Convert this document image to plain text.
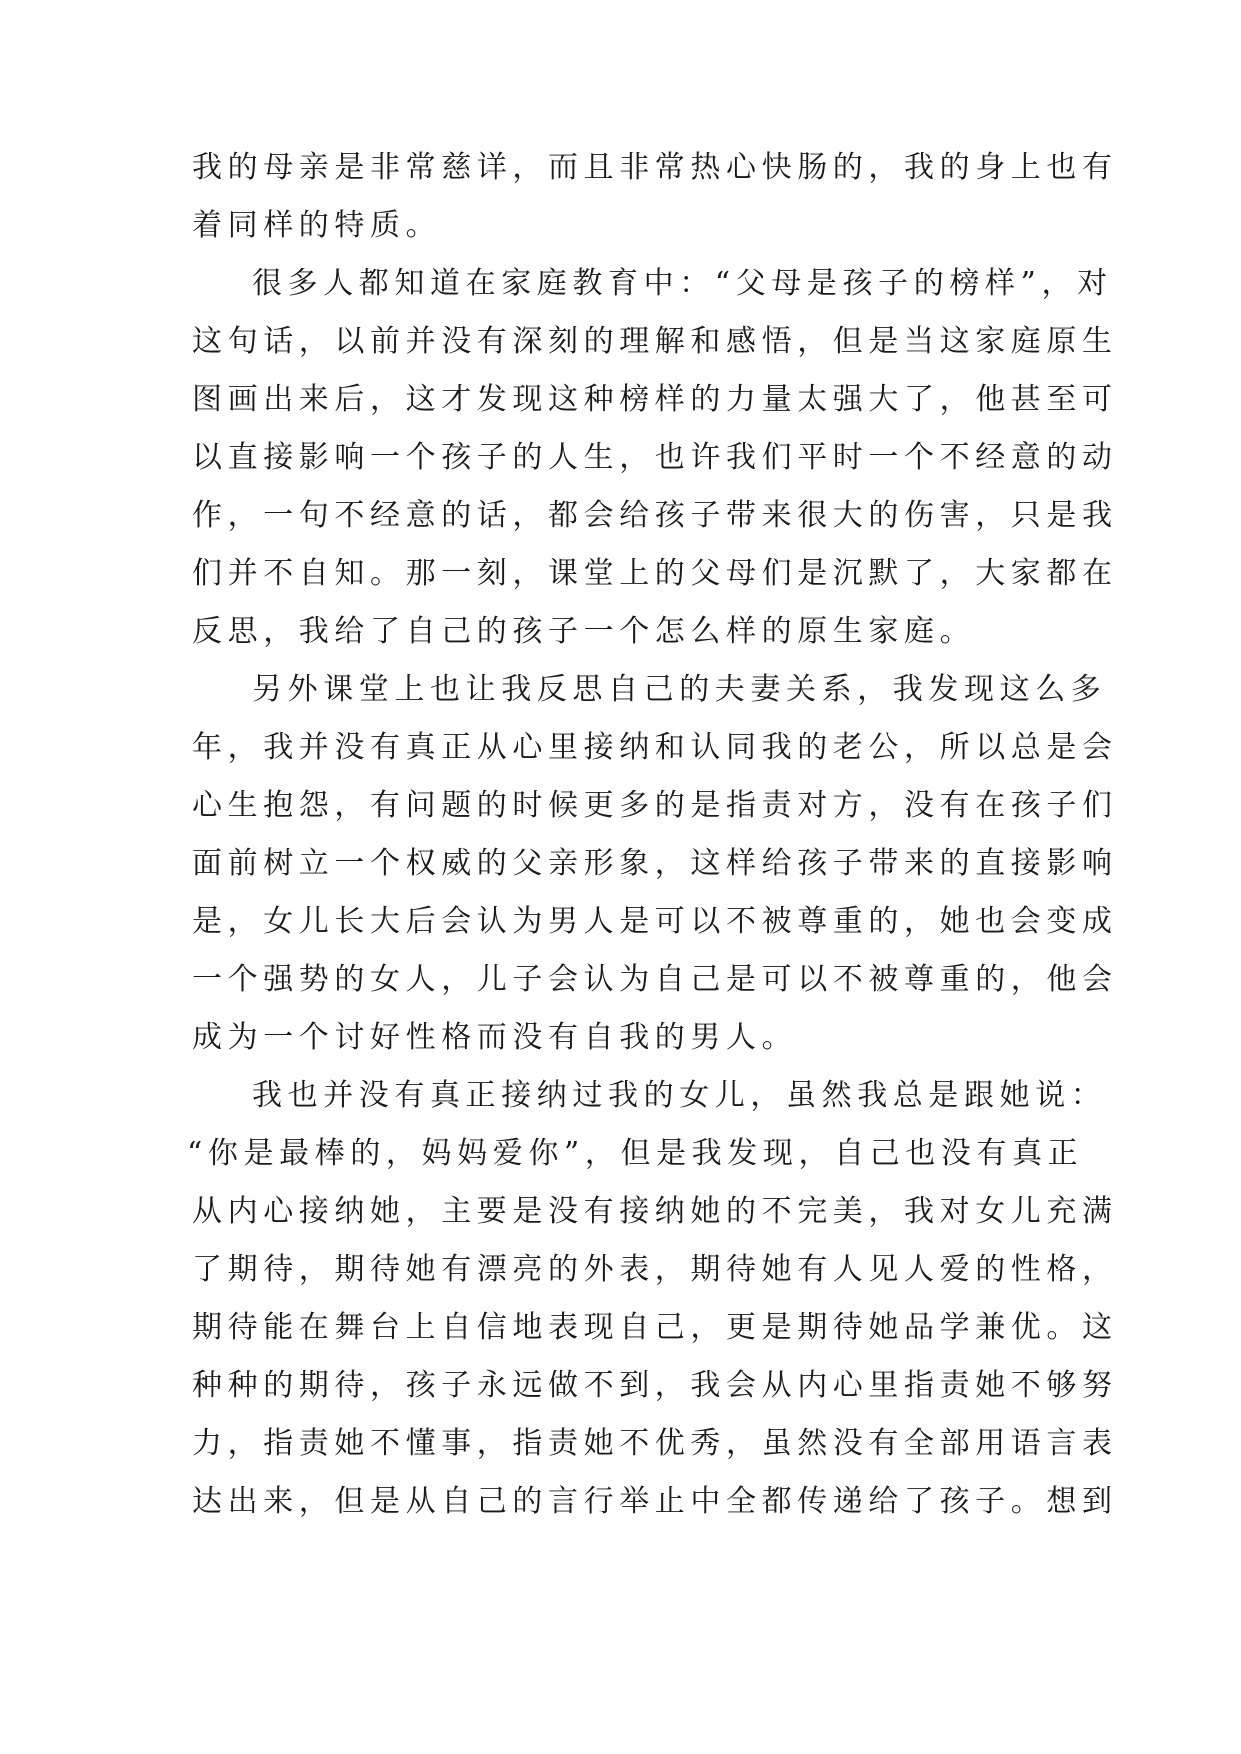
我的母亲是非常慈详，而且非常热心快肠的，我的身上也有
着同样的特质。
很多人都知道在家庭教育中：“父母是孩子的榜样”，对
这句话，以前并没有深刻的理解和感悟，但是当这家庭原生
图画出来后，这才发现这种榜样的力量太强大了，他甚至可
以直接影响一个孩子的人生，也许我们平时一个不经意的动
作，一句不经意的话，都会给孩子带来很大的伤害，只是我
们并不自知。那一刻，课堂上的父母们是沉默了，大家都在
反思，我给了自己的孩子一个怎么样的原生家庭。
另外课堂上也让我反思自己的夫妻关系，我发现这么多
年，我并没有真正从心里接纳和认同我的老公，所以总是会
心生抱怨，有问题的时候更多的是指责对方，没有在孩子们
面前树立一个权威的父亲形象，这样给孩子带来的直接影响
是，女儿长大后会认为男人是可以不被尊重的，她也会变成
一个强势的女人，儿子会认为自己是可以不被尊重的，他会
成为一个讨好性格而没有自我的男人。
我也并没有真正接纳过我的女儿，虽然我总是跟她说：
“你是最棒的，妈妈爱你”，但是我发现，自己也没有真正
从内心接纳她，主要是没有接纳她的不完美，我对女儿充满
了期待，期待她有漂亮的外表，期待她有人见人爱的性格，
期待能在舞台上自信地表现自己，更是期待她品学兼优。这
种种的期待，孩子永远做不到，我会从内心里指责她不够努
力，指责她不懂事，指责她不优秀，虽然没有全部用语言表
达出来，但是从自己的言行举止中全都传递给了孩子。想到
